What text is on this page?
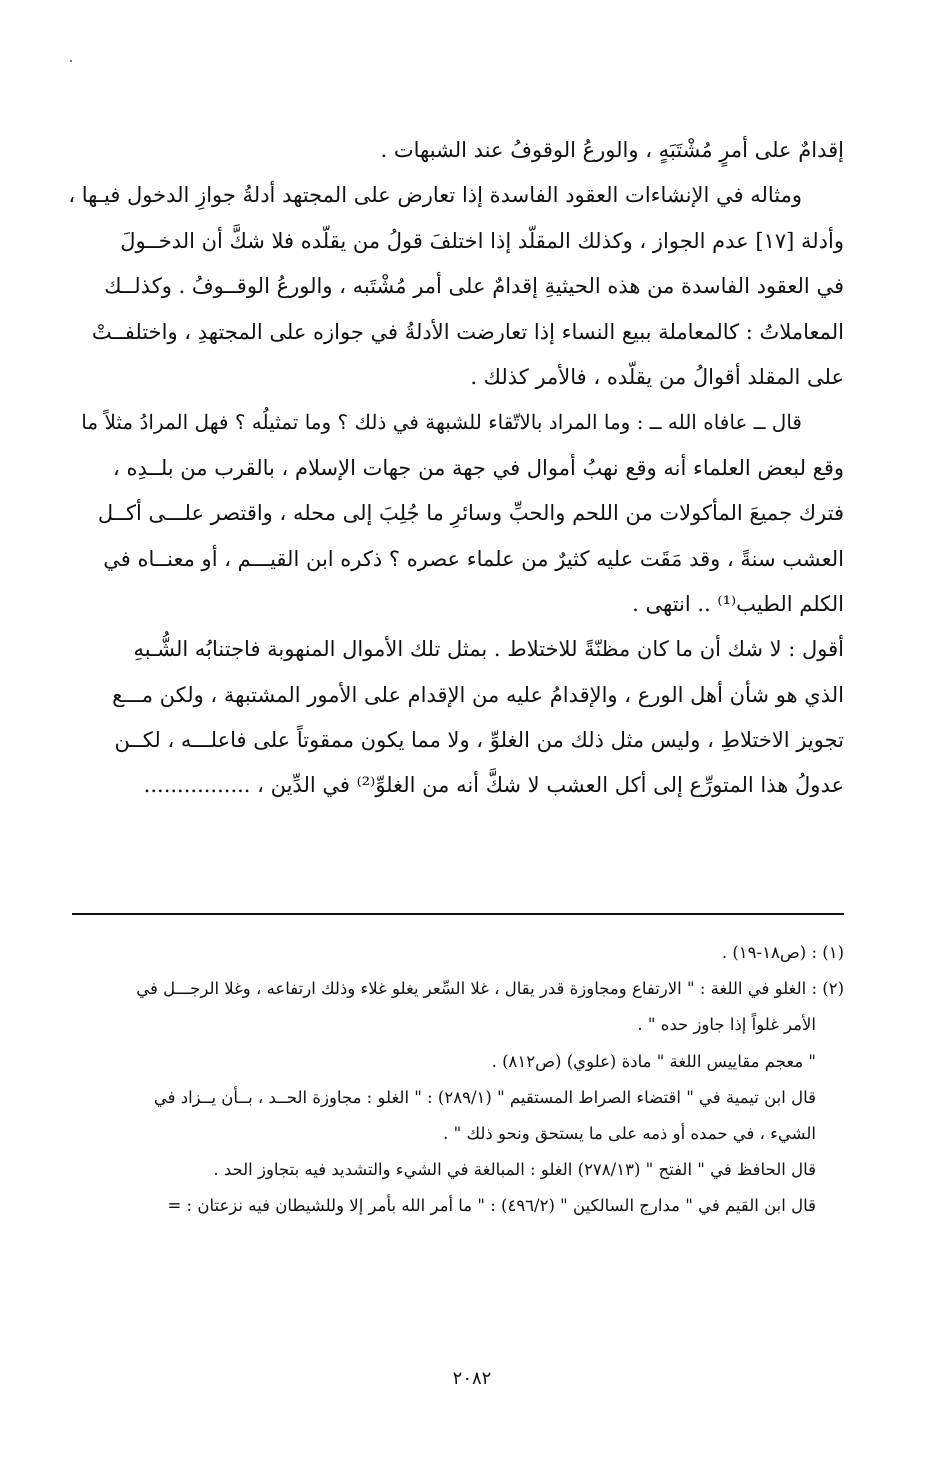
إقدامٌ على أمرٍ مُشْتَبَهٍ ، والورعُ الوقوفُ عند الشبهات .
ومثاله في الإنشاءات العقود الفاسدة إذا تعارض على المجتهد أدلةُ جوازِ الدخول فيـها ،
وأدلة [١٧] عدم الجواز ، وكذلك المقلّد إذا اختلفَ قولُ من يقلّده فلا شكَّ أن الدخــولَ
في العقود الفاسدة من هذه الحيثيةِ إقدامٌ على أمر مُشْتَبه ، والورعُ الوقــوفُ . وكذلــك
المعاملاتُ : كالمعاملة ببيع النساء إذا تعارضت الأدلةُ في جوازه على المجتهدِ ، واختلفــتْ
على المقلد أقوالُ من يقلّده ، فالأمر كذلك .
قال ــ عافاه الله ــ : وما المراد بالاتّقاء للشبهة في ذلك ؟ وما تمثيلُه ؟ فهل المرادُ مثلاً ما
وقع لبعض العلماء أنه وقع نهبُ أموال في جهة من جهات الإسلام ، بالقرب من بلــدِه ،
فترك جميعَ المأكولات من اللحم والحبِّ وسائرِ ما جُلِبَ إلى محله ، واقتصر علـــى أكــل
العشب سنةً ، وقد مَقَت عليه كثيرٌ من علماء عصره ؟ ذكره ابن القيـــم ، أو معنــاه في
الكلم الطيب⁽¹⁾ .. انتهى .
أقول : لا شك أن ما كان مظنّةً للاختلاط . بمثل تلك الأموال المنهوبة فاجتنابُه الشُّـبهِ
الذي هو شأن أهل الورع ، والإقدامُ عليه من الإقدام على الأمور المشتبهة ، ولكن مـــع
تجويز الاختلاطِ ، وليس مثل ذلك من الغلوِّ ، ولا مما يكون ممقوتاً على فاعلـــه ، لكــن
عدولُ هذا المتورِّع إلى أكل العشب لا شكَّ أنه من الغلوِّ⁽²⁾ في الدِّين ، ................
(١) : (ص١٨-١٩) .
(٢) : الغلو في اللغة : " الارتفاع ومجاوزة قدر يقال ، غلا السِّعر يغلو غلاء وذلك ارتفاعه ، وغلا الرجـــل في
الأمر غلواً إذا جاوز حده " .
" معجم مقاييس اللغة " مادة (علوي) (ص٨١٢) .
قال ابن تيمية في " اقتضاء الصراط المستقيم " (٢٨٩/١) : " الغلو : مجاوزة الحــد ، بــأن يــزاد في
الشيء ، في حمده أو ذمه على ما يستحق ونحو ذلك " .
قال الحافظ في " الفتح " (٢٧٨/١٣) الغلو : المبالغة في الشيء والتشديد فيه بتجاوز الحد .
قال ابن القيم في " مدارج السالكين " (٤٩٦/٢) : " ما أمر الله بأمر إلا وللشيطان فيه نزعتان : =
٢٠٨٢
